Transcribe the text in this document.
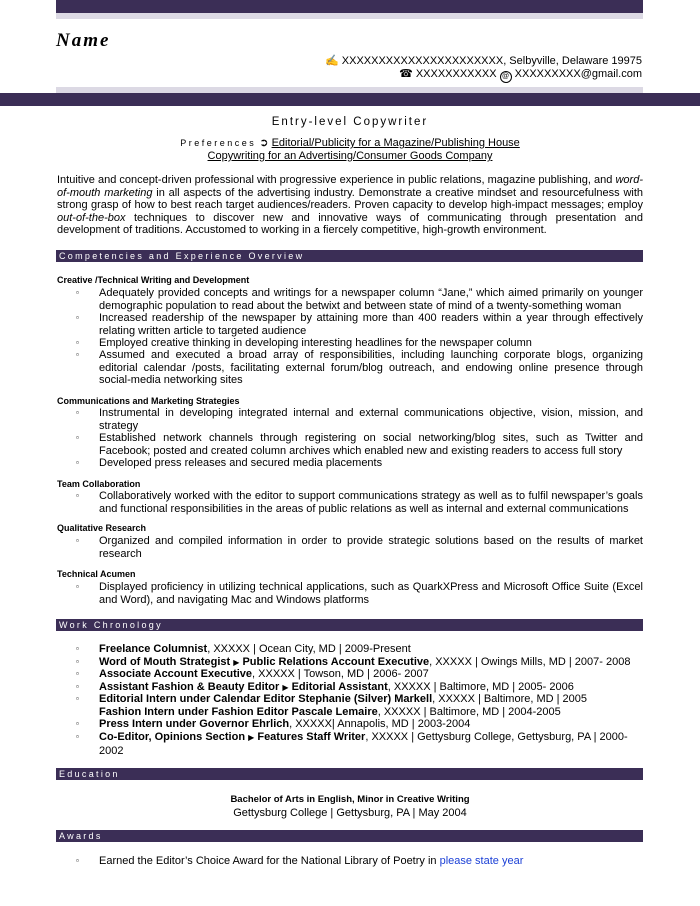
Name
✍ XXXXXXXXXXXXXXXXXXXXXX, Selbyville, Delaware 19975
☎ XXXXXXXXXXX @ XXXXXXXXX@gmail.com
Entry-level Copywriter
Preferences ➲ Editorial/Publicity for a Magazine/Publishing House
Copywriting for an Advertising/Consumer Goods Company
Intuitive and concept-driven professional with progressive experience in public relations, magazine publishing, and word-of-mouth marketing in all aspects of the advertising industry. Demonstrate a creative mindset and resourcefulness with strong grasp of how to best reach target audiences/readers. Proven capacity to develop high-impact messages; employ out-of-the-box techniques to discover new and innovative ways of communicating through presentation and development of traditions. Accustomed to working in a fiercely competitive, high-growth environment.
Competencies and Experience Overview
Creative /Technical Writing and Development
▫ Adequately provided concepts and writings for a newspaper column “Jane,” which aimed primarily on younger demographic population to read about the betwixt and between state of mind of a twenty-something woman
▫ Increased readership of the newspaper by attaining more than 400 readers within a year through effectively relating written article to targeted audience
▫ Employed creative thinking in developing interesting headlines for the newspaper column
▫ Assumed and executed a broad array of responsibilities, including launching corporate blogs, organizing editorial calendar /posts, facilitating external forum/blog outreach, and endowing online presence through social-media networking sites
Communications and Marketing Strategies
▫ Instrumental in developing integrated internal and external communications objective, vision, mission, and strategy
▫ Established network channels through registering on social networking/blog sites, such as Twitter and Facebook; posted and created column archives which enabled new and existing readers to access full story
▫ Developed press releases and secured media placements
Team Collaboration
▫ Collaboratively worked with the editor to support communications strategy as well as to fulfil newspaper’s goals and functional responsibilities in the areas of public relations as well as internal and external communications
Qualitative Research
▫ Organized and compiled information in order to provide strategic solutions based on the results of market research
Technical Acumen
▫ Displayed proficiency in utilizing technical applications, such as QuarkXPress and Microsoft Office Suite (Excel and Word), and navigating Mac and Windows platforms
Work Chronology
▫ Freelance Columnist, XXXXX | Ocean City, MD | 2009-Present
▫ Word of Mouth Strategist ▶ Public Relations Account Executive, XXXXX | Owings Mills, MD | 2007- 2008
▫ Associate Account Executive, XXXXX | Towson, MD | 2006- 2007
▫ Assistant Fashion & Beauty Editor ▶ Editorial Assistant, XXXXX | Baltimore, MD | 2005- 2006
▫ Editorial Intern under Calendar Editor Stephanie (Silver) Markell, XXXXX | Baltimore, MD | 2005
Fashion Intern under Fashion Editor Pascale Lemaire, XXXXX | Baltimore, MD | 2004-2005
▫ Press Intern under Governor Ehrlich, XXXXX| Annapolis, MD | 2003-2004
▫ Co-Editor, Opinions Section ▶ Features Staff Writer, XXXXX | Gettysburg College, Gettysburg, PA | 2000-2002
Education
Bachelor of Arts in English, Minor in Creative Writing
Gettysburg College | Gettysburg, PA | May 2004
Awards
▫ Earned the Editor’s Choice Award for the National Library of Poetry in please state year
